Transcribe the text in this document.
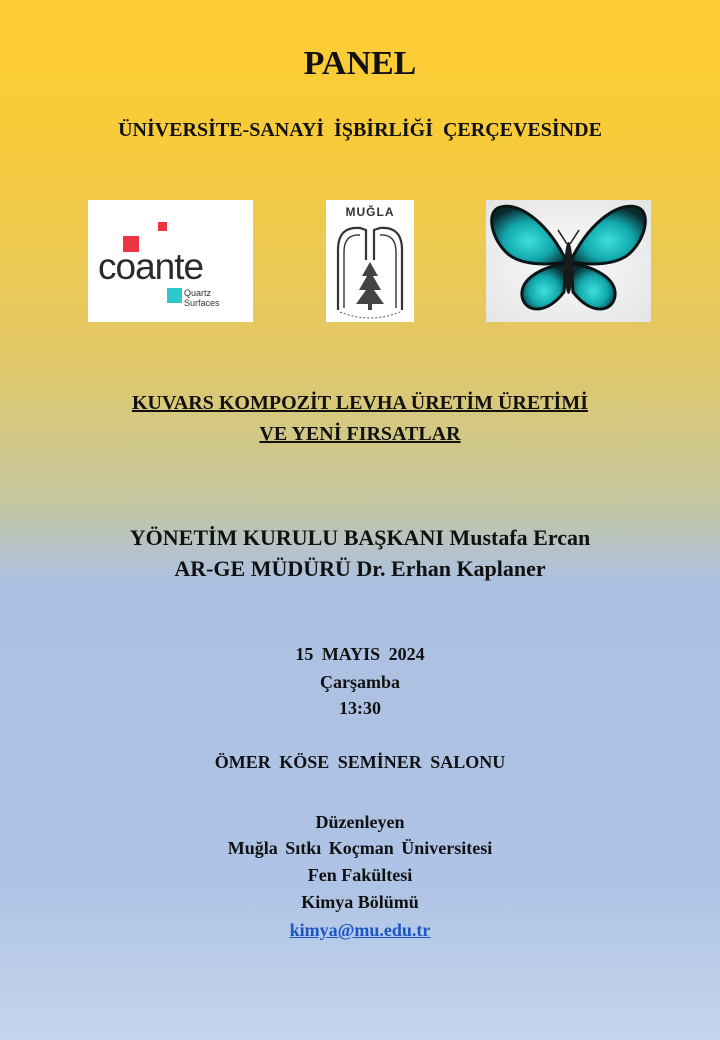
PANEL
ÜNİVERSİTE-SANAYİ İŞBİRLİĞİ ÇERÇEVESİNDE
coante
Quartz
Surfaces
MUĞLA
KUVARS KOMPOZİT LEVHA ÜRETİM ÜRETİMİ
VE YENİ FIRSATLAR
YÖNETİM KURULU BAŞKANI Mustafa Ercan
AR-GE MÜDÜRÜ Dr. Erhan Kaplaner
15 MAYIS 2024
Çarşamba
13:30
ÖMER KÖSE SEMİNER SALONU
Düzenleyen
Muğla Sıtkı Koçman Üniversitesi
Fen Fakültesi
Kimya Bölümü
kimya@mu.edu.tr
